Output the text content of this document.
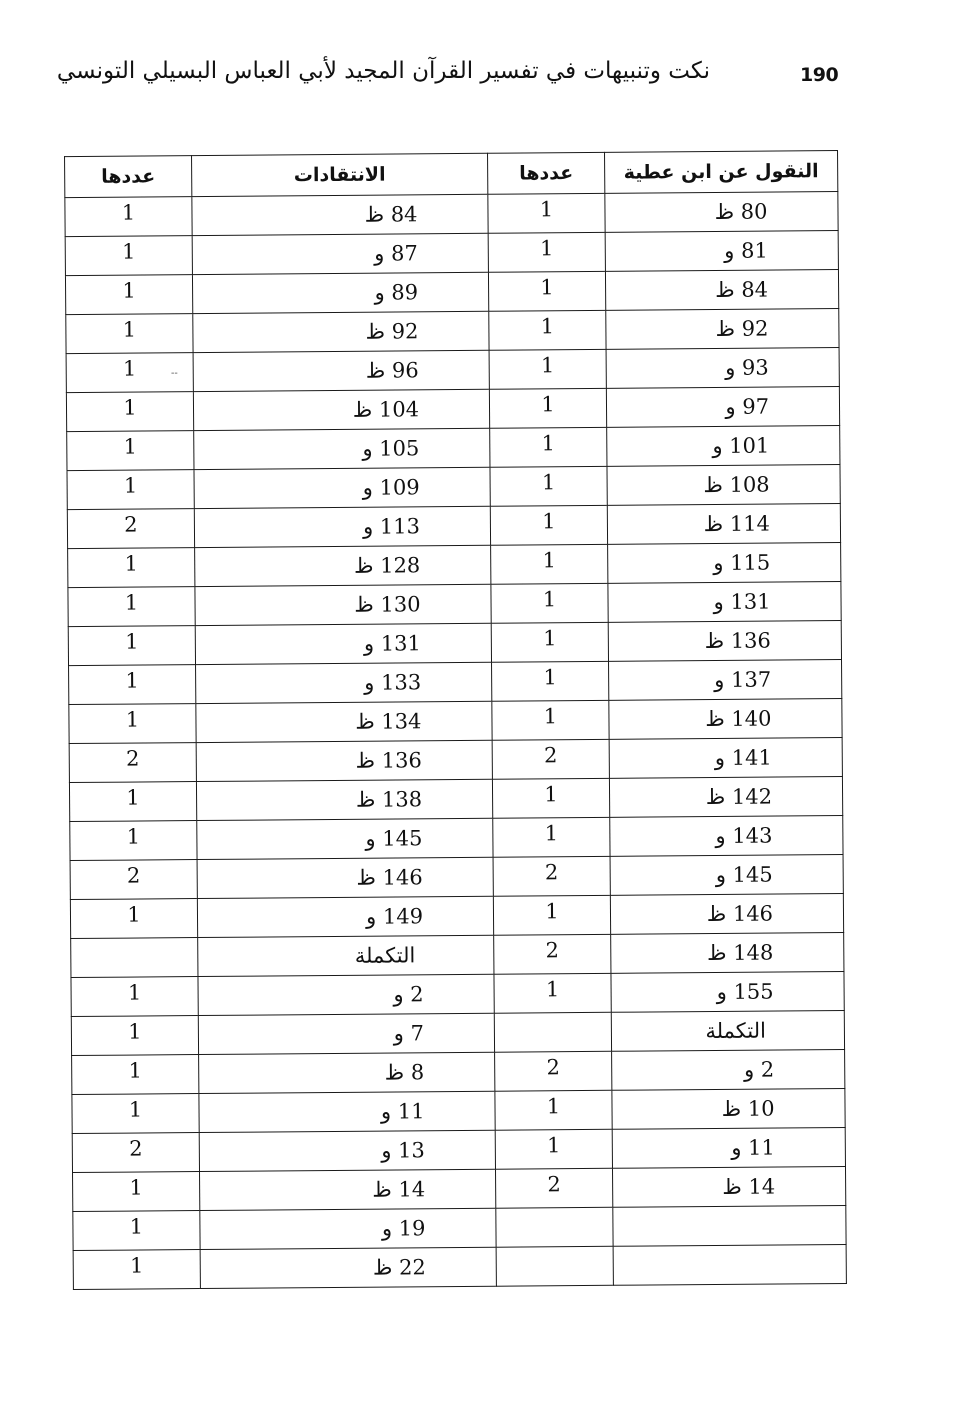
190
نكت وتنبيهات في تفسير القرآن المجيد لأبي العباس البسيلي التونسي
النقول عن ابن عطية	عددها	الانتقادات	عددها
80 ظ	1	84 ظ	1
81 و	1	87 و	1
84 ظ	1	89 و	1
92 ظ	1	92 ظ	1
93 و	1	96 ظ	1
97 و	1	104 ظ	1
101 و	1	105 و	1
108 ظ	1	109 و	1
114 ظ	1	113 و	2
115 و	1	128 ظ	1
131 و	1	130 ظ	1
136 ظ	1	131 و	1
137 و	1	133 و	1
140 ظ	1	134 ظ	1
141 و	2	136 ظ	2
142 ظ	1	138 ظ	1
143 و	1	145 و	1
145 و	2	146 ظ	2
146 ظ	1	149 و	1
148 ظ	2	التكملة	
155 و	1	2 و	1
التكملة		7 و	1
2 و	2	8 ظ	1
10 ظ	1	11 و	1
11 و	1	13 و	2
14 ظ	2	14 ظ	1
		19 و	1
		22 ظ	1
--
